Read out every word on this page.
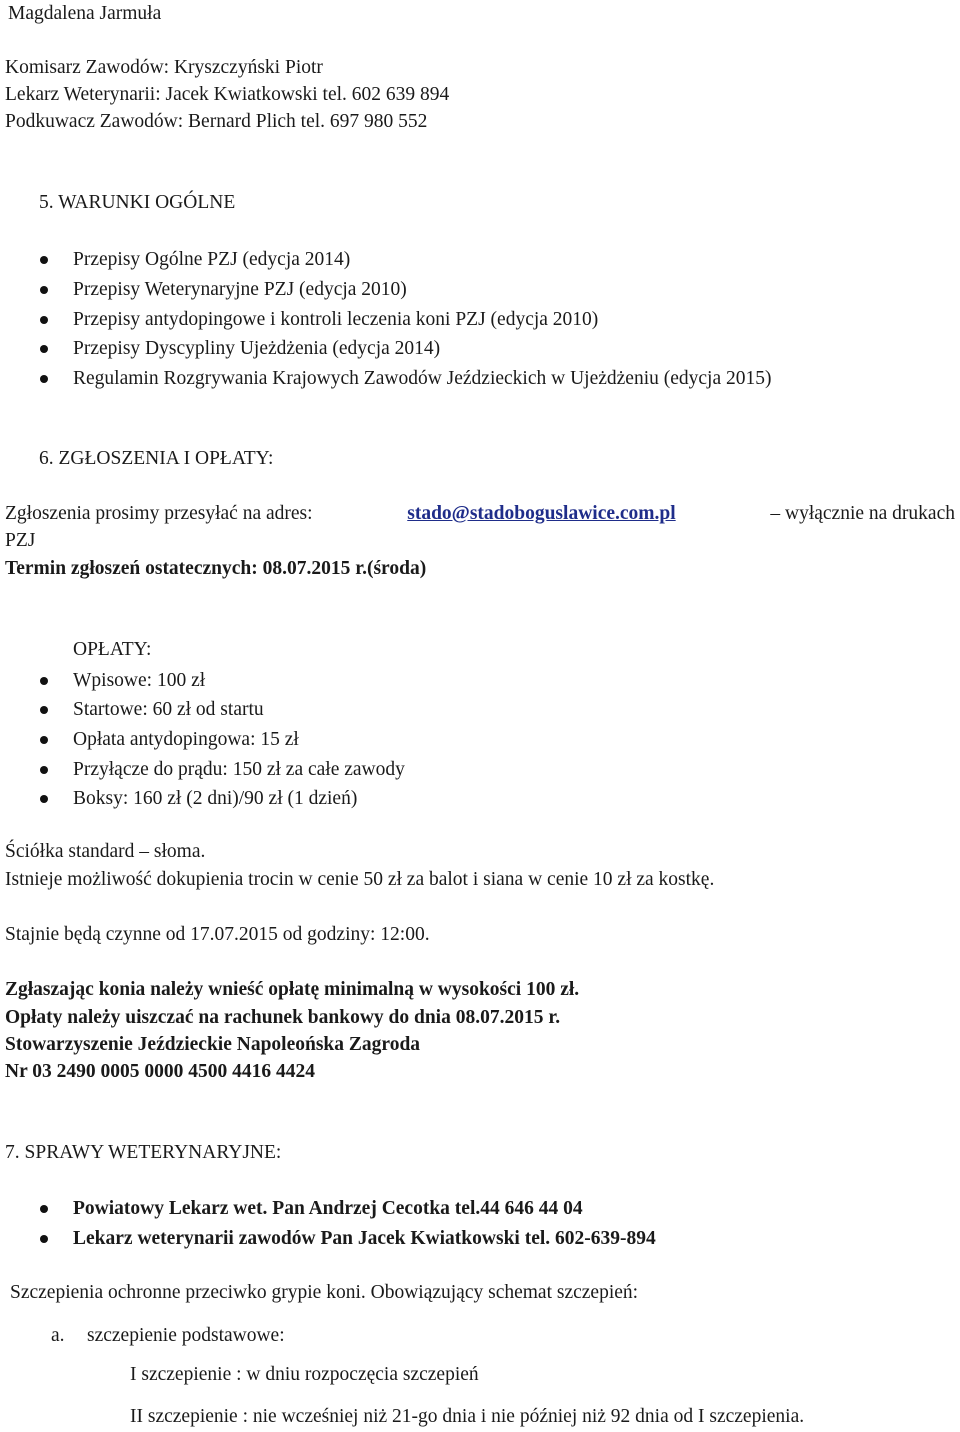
Magdalena Jarmuła
Komisarz Zawodów: Kryszczyński Piotr
Lekarz Weterynarii: Jacek Kwiatkowski tel. 602 639 894
Podkuwacz Zawodów: Bernard Plich tel. 697 980 552
5. WARUNKI OGÓLNE
Przepisy Ogólne PZJ (edycja 2014)
Przepisy Weterynaryjne PZJ (edycja 2010)
Przepisy antydopingowe i kontroli leczenia koni PZJ (edycja 2010)
Przepisy Dyscypliny Ujeżdżenia (edycja 2014)
Regulamin Rozgrywania Krajowych Zawodów Jeździeckich w Ujeżdżeniu (edycja 2015)
6. ZGŁOSZENIA I OPŁATY:
Zgłoszenia prosimy przesyłać na adres:	stado@stadoboguslawice.com.pl	– wyłącznie na drukach
PZJ
Termin zgłoszeń ostatecznych: 08.07.2015 r.(środa)
OPŁATY:
Wpisowe: 100 zł
Startowe: 60 zł od startu
Opłata antydopingowa: 15 zł
Przyłącze do prądu: 150 zł za całe zawody
Boksy: 160 zł (2 dni)/90 zł (1 dzień)
Ściółka standard – słoma.
Istnieje możliwość dokupienia trocin w cenie 50 zł za balot i siana w cenie 10 zł za kostkę.
Stajnie będą czynne od 17.07.2015 od godziny: 12:00.
Zgłaszając konia należy wnieść opłatę minimalną w wysokości 100 zł.
Opłaty należy uiszczać na rachunek bankowy do dnia 08.07.2015 r.
Stowarzyszenie Jeździeckie Napoleońska Zagroda
Nr 03 2490 0005 0000 4500 4416 4424
7. SPRAWY WETERYNARYJNE:
Powiatowy Lekarz wet. Pan Andrzej Cecotka tel.44 646 44 04
Lekarz weterynarii zawodów Pan Jacek Kwiatkowski tel. 602-639-894
Szczepienia ochronne przeciwko grypie koni. Obowiązujący schemat szczepień:
a. szczepienie podstawowe:
I szczepienie : w dniu rozpoczęcia szczepień
II szczepienie : nie wcześniej niż 21-go dnia i nie później niż 92 dnia od I szczepienia.
